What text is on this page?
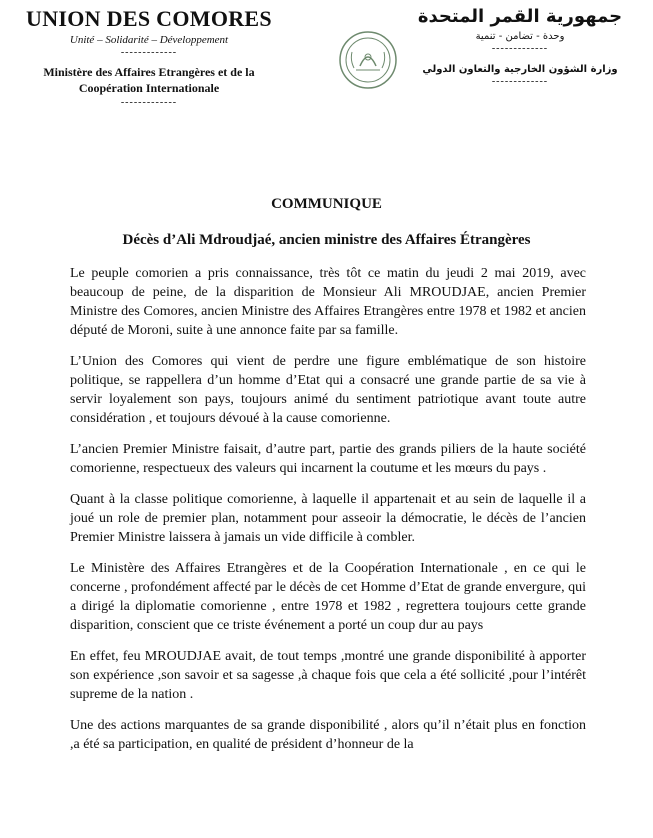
UNION DES COMORES
Unité – Solidarité – Développement
-------------
Ministère des Affaires Etrangères et de la
Coopération Internationale
-------------
جمهورية القمر المتحدة
وحدة - تضامن - تنمية
-------------
وزارة الشؤون الخارجية والتعاون الدولي
-------------
COMMUNIQUE
Décès d’Ali Mdroudjaé, ancien ministre des Affaires Étrangères

Le peuple comorien a pris connaissance, très tôt ce matin du jeudi 2 mai 2019, avec beaucoup de peine, de la disparition de Monsieur Ali MROUDJAE, ancien Premier Ministre des Comores, ancien Ministre des Affaires Etrangères entre 1978 et 1982 et ancien député de Moroni, suite à une annonce faite par sa famille.

L’Union des Comores qui vient de perdre une figure emblématique de son histoire politique, se rappellera d’un homme d’Etat qui a consacré une grande partie de sa vie à servir loyalement son pays, toujours animé du sentiment patriotique avant toute autre considération , et toujours dévoué à la cause comorienne.

L’ancien Premier Ministre faisait, d’autre part, partie des grands piliers de la haute société comorienne, respectueux des valeurs qui incarnent la coutume et les mœurs du pays .

Quant à la classe politique comorienne, à laquelle il appartenait et au sein de laquelle il a joué un role de premier plan, notamment pour asseoir la démocratie, le décès de l’ancien Premier Ministre laissera à jamais un vide difficile à combler.

Le Ministère des Affaires Etrangères et de la Coopération Internationale , en ce qui le concerne , profondément affecté par le décès de cet Homme d’Etat de grande envergure, qui a dirigé la diplomatie comorienne , entre 1978 et 1982 , regrettera toujours cette grande disparition, conscient que ce triste événement a porté un coup dur au pays

En effet, feu MROUDJAE avait, de tout temps ,montré une grande disponibilité à apporter son expérience ,son savoir et sa sagesse ,à chaque fois que cela a été sollicité ,pour l’intérêt supreme de la nation .

Une des actions marquantes de sa grande disponibilité , alors qu’il n’était plus en fonction ,a été sa participation, en qualité de président d’honneur de la
